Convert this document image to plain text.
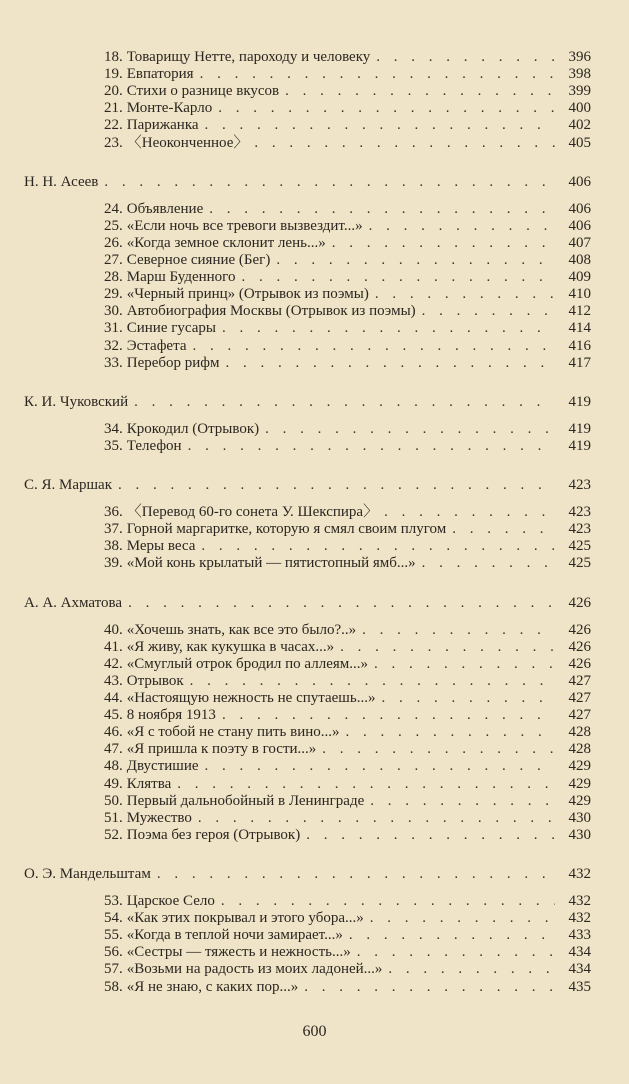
18. Товарищу Нетте, пароходу и человеку . . .	396
19. Евпатория . . .	398
20. Стихи о разнице вкусов . . .	399
21. Монте-Карло . . .	400
22. Парижанка . . .	402
23. 〈Неоконченное〉 . . .	405
Н. Н. Асеев . . .	406
24. Объявление . . .	406
25. «Если ночь все тревоги вызвездит...» . . .	406
26. «Когда земное склонит лень...» . . .	407
27. Северное сияние (Бег) . . .	408
28. Марш Буденного . . .	409
29. «Черный принц» (Отрывок из поэмы) . . .	410
30. Автобиография Москвы (Отрывок из поэмы) . . .	412
31. Синие гусары . . .	414
32. Эстафета . . .	416
33. Перебор рифм . . .	417
К. И. Чуковский . . .	419
34. Крокодил (Отрывок) . . .	419
35. Телефон . . .	419
С. Я. Маршак . . .	423
36. 〈Перевод 60-го сонета У. Шекспира〉 . . .	423
37. Горной маргаритке, которую я смял своим плугом . . .	423
38. Меры веса . . .	425
39. «Мой конь крылатый — пятистопный ямб...» . . .	425
А. А. Ахматова . . .	426
40. «Хочешь знать, как все это было?..» . . .	426
41. «Я живу, как кукушка в часах...» . . .	426
42. «Смуглый отрок бродил по аллеям...» . . .	426
43. Отрывок . . .	427
44. «Настоящую нежность не спутаешь...» . . .	427
45. 8 ноября 1913 . . .	427
46. «Я с тобой не стану пить вино...» . . .	428
47. «Я пришла к поэту в гости...» . . .	428
48. Двустишие . . .	429
49. Клятва . . .	429
50. Первый дальнобойный в Ленинграде . . .	429
51. Мужество . . .	430
52. Поэма без героя (Отрывок) . . .	430
О. Э. Мандельштам . . .	432
53. Царское Село . . .	432
54. «Как этих покрывал и этого убора...» . . .	432
55. «Когда в теплой ночи замирает...» . . .	433
56. «Сестры — тяжесть и нежность...» . . .	434
57. «Возьми на радость из моих ладоней...» . . .	434
58. «Я не знаю, с каких пор...» . . .	435
600
